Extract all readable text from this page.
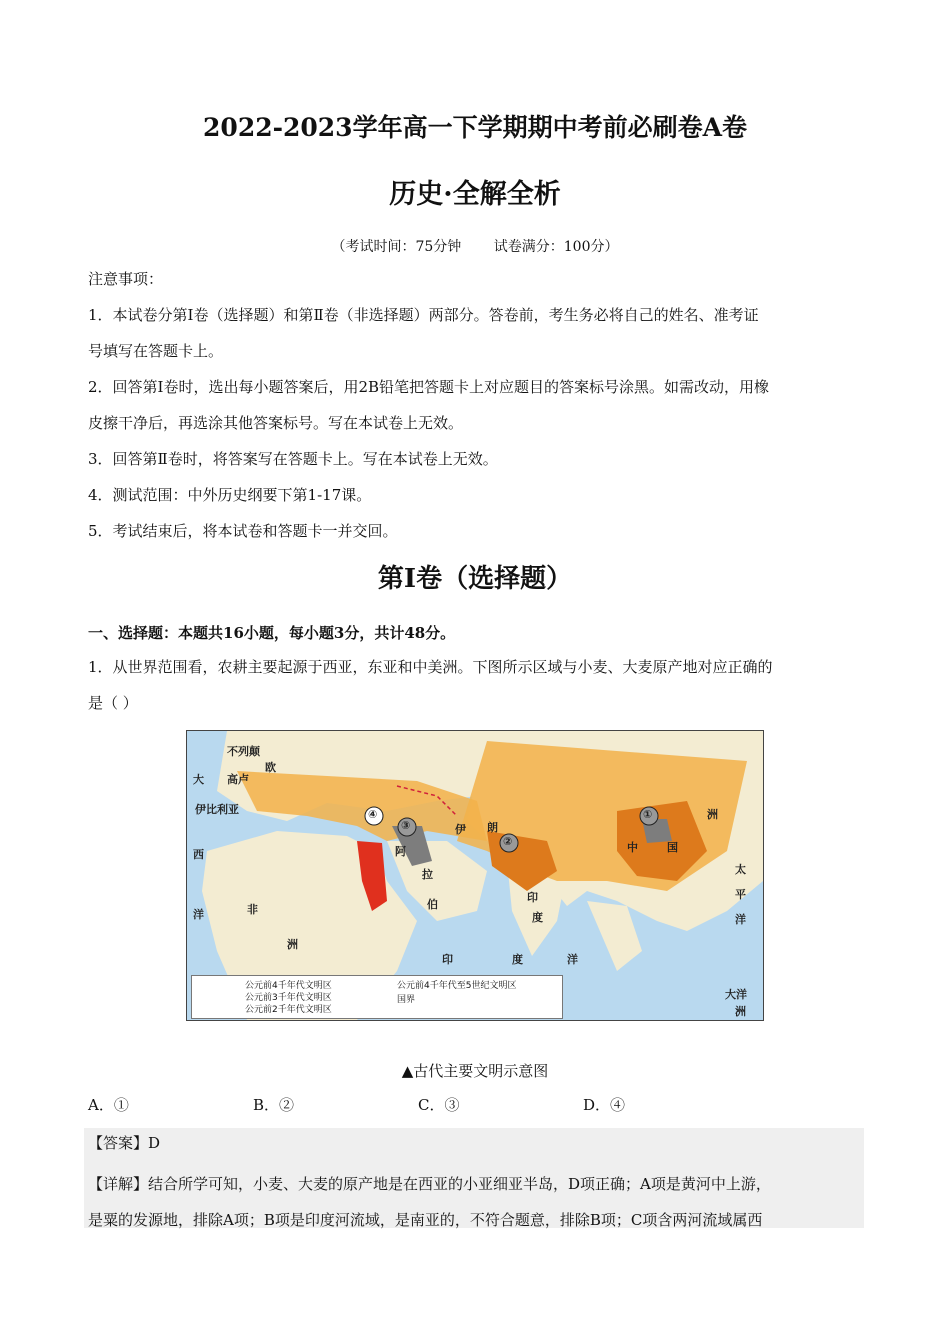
2022-2023学年高一下学期期中考前必刷卷A卷
历史·全解全析
（考试时间：75分钟 试卷满分：100分）
注意事项：
1．本试卷分第Ⅰ卷（选择题）和第Ⅱ卷（非选择题）两部分。答卷前，考生务必将自己的姓名、准考证
号填写在答题卡上。
2．回答第Ⅰ卷时，选出每小题答案后，用2B铅笔把答题卡上对应题目的答案标号涂黑。如需改动，用橡
皮擦干净后，再选涂其他答案标号。写在本试卷上无效。
3．回答第Ⅱ卷时，将答案写在答题卡上。写在本试卷上无效。
4．测试范围：中外历史纲要下第1-17课。
5．考试结束后，将本试卷和答题卡一并交回。
第Ⅰ卷（选择题）
一、选择题：本题共16小题，每小题3分，共计48分。
1．从世界范围看，农耕主要起源于西亚，东亚和中美洲。下图所示区域与小麦、大麦原产地对应正确的
是（ ）
公元前4千年代文明区
公元前3千年代文明区
公元前2千年代文明区
公元前4千年代至5世纪文明区
国界
①
②
③
④
不列颠
欧
高卢
伊比利亚
大
西
洋	非
洲
阿
拉
伯
伊 朗
印
度
中	国
洲
太
平
洋
印	度	洋
大洋
洲
▲古代主要文明示意图
A．①	B．②	C．③	D．④
【答案】D
【详解】结合所学可知，小麦、大麦的原产地是在西亚的小亚细亚半岛，D项正确；A项是黄河中上游，
是粟的发源地，排除A项；B项是印度河流域，是南亚的，不符合题意，排除B项；C项含两河流域属西
